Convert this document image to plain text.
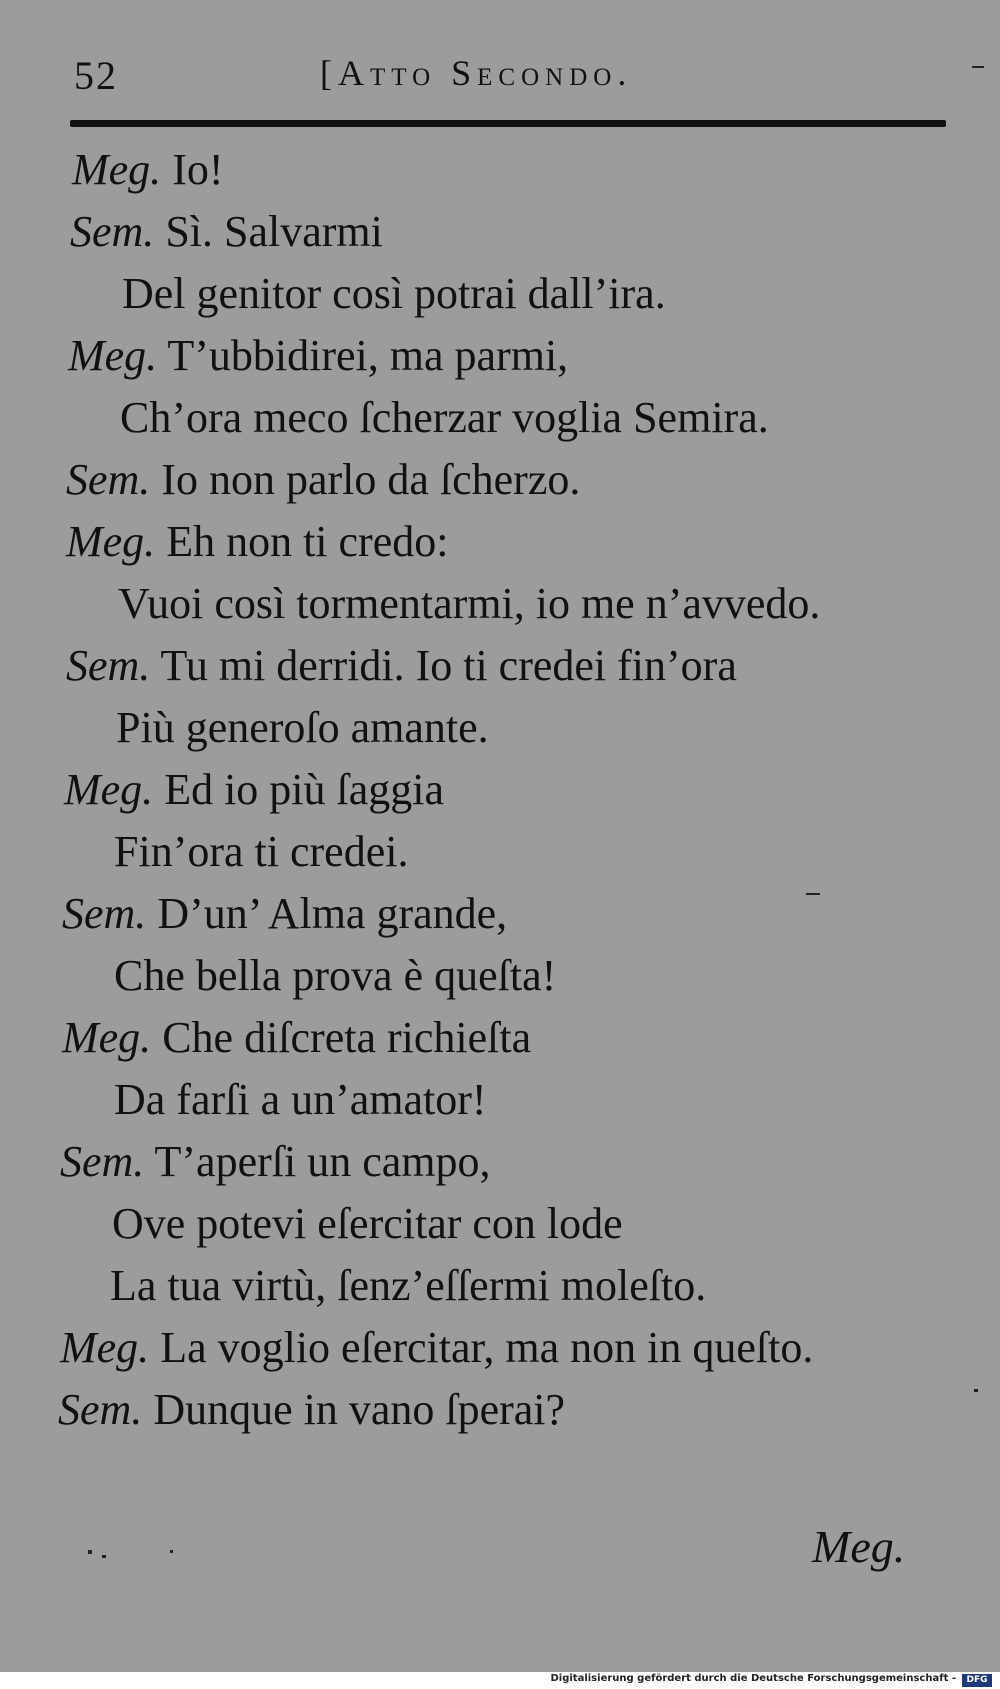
52	[Atto Secondo.
Meg. Io!
Sem. Sì. Salvarmi
Del genitor così potrai dall’ira.
Meg. T’ubbidirei, ma parmi,
Ch’ora meco ſcherzar voglia Semira.
Sem. Io non parlo da ſcherzo.
Meg. Eh non ti credo:
Vuoi così tormentarmi, io me n’avvedo.
Sem. Tu mi derridi. Io ti credei fin’ora
Più generoſo amante.
Meg. Ed io più ſaggia
Fin’ora ti credei.
Sem. D’un’ Alma grande,
Che bella prova è queſta!
Meg. Che diſcreta richieſta
Da farſi a un’amator!
Sem. T’aperſi un campo,
Ove potevi eſercitar con lode
La tua virtù, ſenz’eſſermi moleſto.
Meg. La voglio eſercitar, ma non in queſto.
Sem. Dunque in vano ſperai?
Meg.
Digitalisierung gefördert durch die Deutsche Forschungsgemeinschaft -	DFG
